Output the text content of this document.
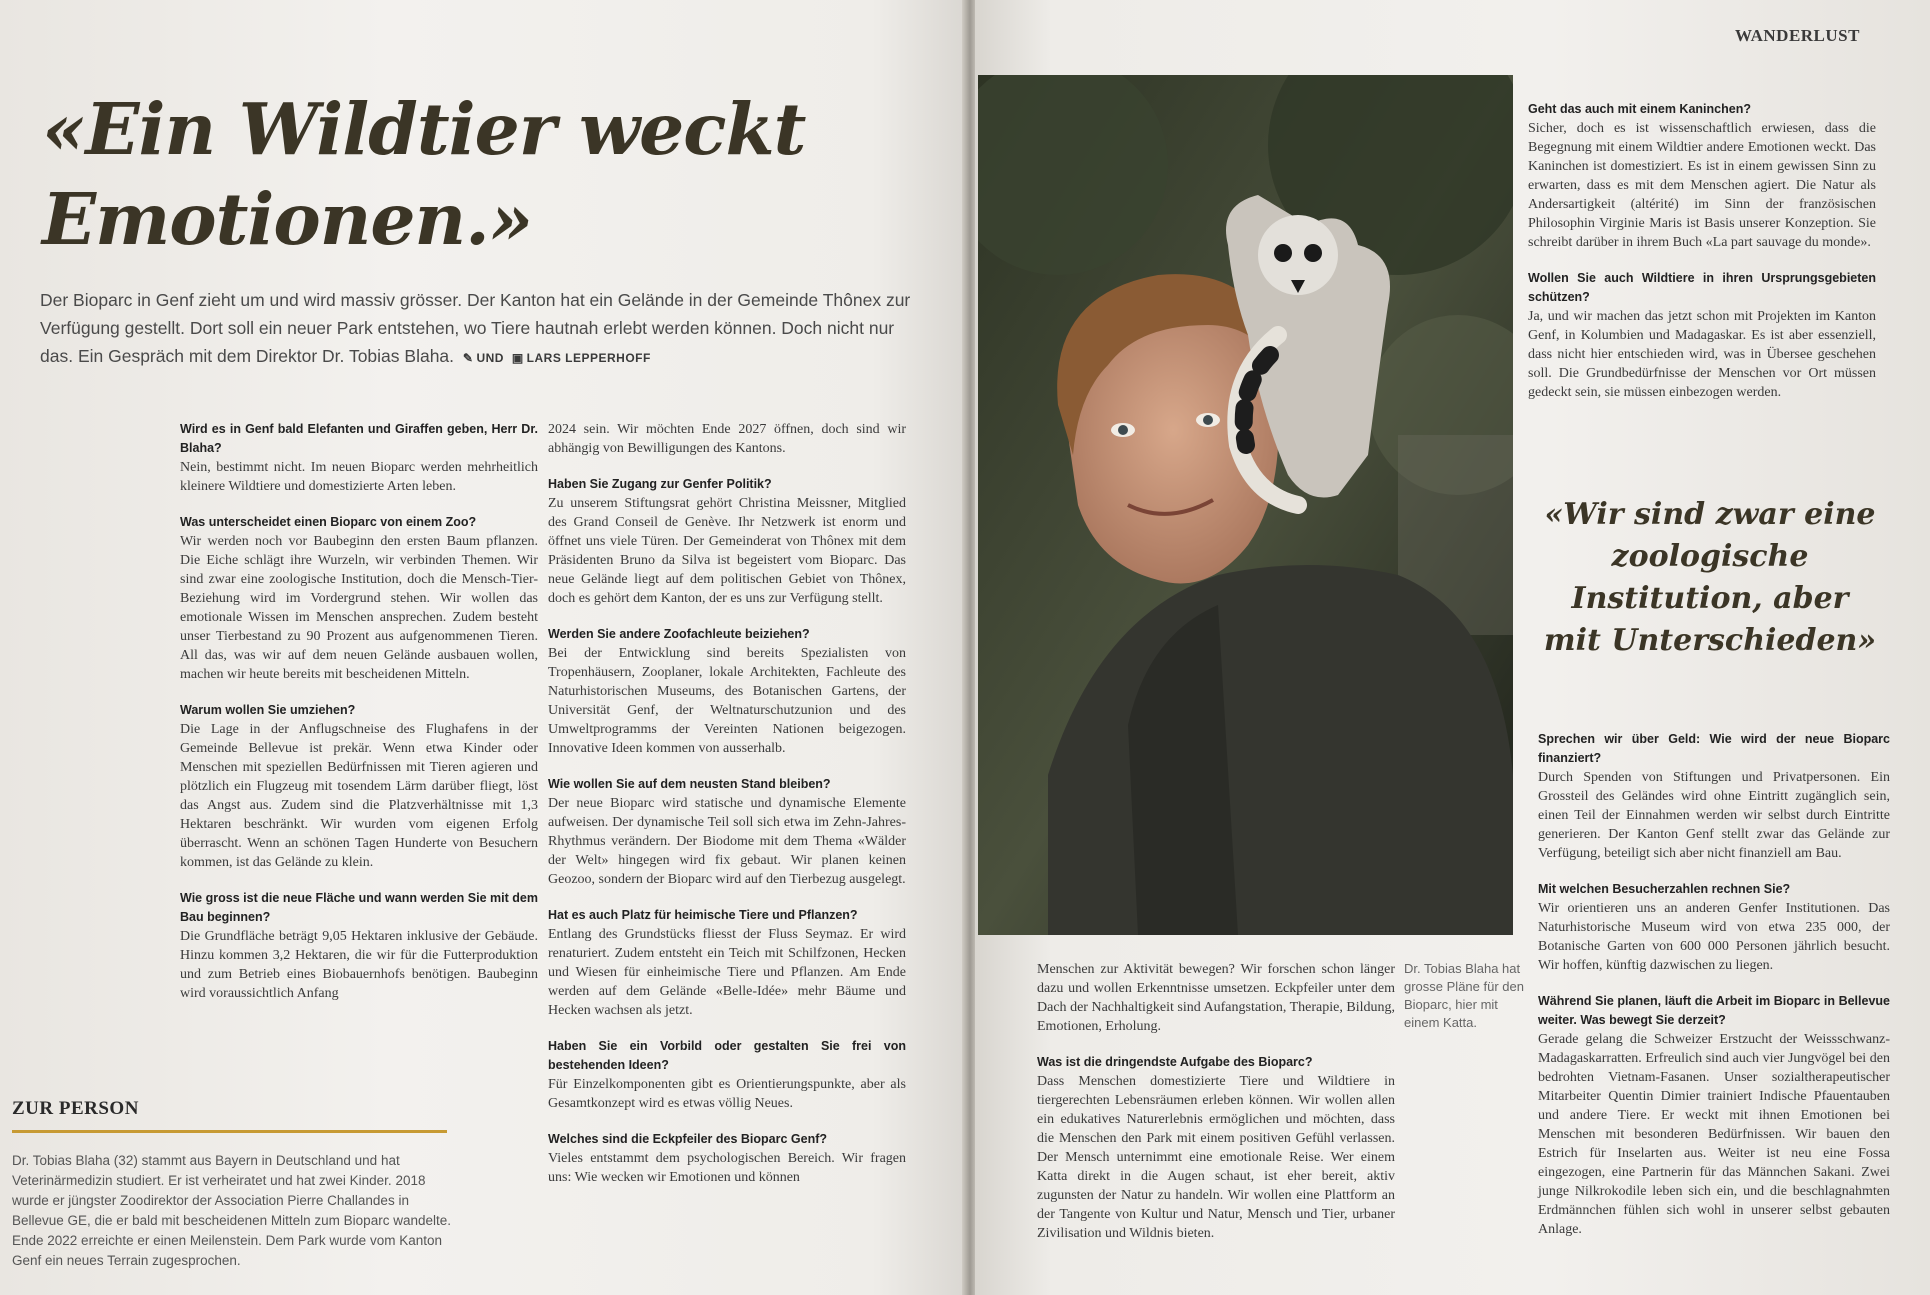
«Ein Wildtier weckt Emotionen.»

Der Bioparc in Genf zieht um und wird massiv grösser. Der Kanton hat ein Gelände in der Gemeinde Thônex zur Verfügung gestellt. Dort soll ein neuer Park entstehen, wo Tiere hautnah erlebt werden können. Doch nicht nur das. Ein Gespräch mit dem Direktor Dr. Tobias Blaha. ✎ UND ▣ LARS LEPPERHOFF

Wird es in Genf bald Elefanten und Giraffen geben, Herr Dr. Blaha?
Nein, bestimmt nicht. Im neuen Bioparc werden mehrheitlich kleinere Wildtiere und domestizierte Arten leben.
Was unterscheidet einen Bioparc von einem Zoo?
Wir werden noch vor Baubeginn den ersten Baum pflanzen. Die Eiche schlägt ihre Wurzeln, wir verbinden Themen. Wir sind zwar eine zoologische Institution, doch die Mensch-Tier-Beziehung wird im Vordergrund stehen. Wir wollen das emotionale Wissen im Menschen ansprechen. Zudem besteht unser Tierbestand zu 90 Prozent aus aufgenommenen Tieren. All das, was wir auf dem neuen Gelände ausbauen wollen, machen wir heute bereits mit bescheidenen Mitteln.
Warum wollen Sie umziehen?
Die Lage in der Anflugschneise des Flughafens in der Gemeinde Bellevue ist prekär. Wenn etwa Kinder oder Menschen mit speziellen Bedürfnissen mit Tieren agieren und plötzlich ein Flugzeug mit tosendem Lärm darüber fliegt, löst das Angst aus. Zudem sind die Platzverhältnisse mit 1,3 Hektaren beschränkt. Wir wurden vom eigenen Erfolg überrascht. Wenn an schönen Tagen Hunderte von Besuchern kommen, ist das Gelände zu klein.
Wie gross ist die neue Fläche und wann werden Sie mit dem Bau beginnen?
Die Grundfläche beträgt 9,05 Hektaren inklusive der Gebäude. Hinzu kommen 3,2 Hektaren, die wir für die Futterproduktion und zum Betrieb eines Biobauernhofs benötigen. Baubeginn wird voraussichtlich Anfang
2024 sein. Wir möchten Ende 2027 öffnen, doch sind wir abhängig von Bewilligungen des Kantons.
Haben Sie Zugang zur Genfer Politik?
Zu unserem Stiftungsrat gehört Christina Meissner, Mitglied des Grand Conseil de Genève. Ihr Netzwerk ist enorm und öffnet uns viele Türen. Der Gemeinderat von Thônex mit dem Präsidenten Bruno da Silva ist begeistert vom Bioparc. Das neue Gelände liegt auf dem politischen Gebiet von Thônex, doch es gehört dem Kanton, der es uns zur Verfügung stellt.
Werden Sie andere Zoofachleute beiziehen?
Bei der Entwicklung sind bereits Spezialisten von Tropenhäusern, Zooplaner, lokale Architekten, Fachleute des Naturhistorischen Museums, des Botanischen Gartens, der Universität Genf, der Weltnaturschutzunion und des Umweltprogramms der Vereinten Nationen beigezogen. Innovative Ideen kommen von ausserhalb.
Wie wollen Sie auf dem neusten Stand bleiben?
Der neue Bioparc wird statische und dynamische Elemente aufweisen. Der dynamische Teil soll sich etwa im Zehn-Jahres-Rhythmus verändern. Der Biodome mit dem Thema «Wälder der Welt» hingegen wird fix gebaut. Wir planen keinen Geozoo, sondern der Bioparc wird auf den Tierbezug ausgelegt.
Hat es auch Platz für heimische Tiere und Pflanzen?
Entlang des Grundstücks fliesst der Fluss Seymaz. Er wird renaturiert. Zudem entsteht ein Teich mit Schilfzonen, Hecken und Wiesen für einheimische Tiere und Pflanzen. Am Ende werden auf dem Gelände «Belle-Idée» mehr Bäume und Hecken wachsen als jetzt.
Haben Sie ein Vorbild oder gestalten Sie frei von bestehenden Ideen?
Für Einzelkomponenten gibt es Orientierungspunkte, aber als Gesamtkonzept wird es etwas völlig Neues.
Welches sind die Eckpfeiler des Bioparc Genf?
Vieles entstammt dem psychologischen Bereich. Wir fragen uns: Wie wecken wir Emotionen und können
ZUR PERSON
Dr. Tobias Blaha (32) stammt aus Bayern in Deutschland und hat Veterinärmedizin studiert. Er ist verheiratet und hat zwei Kinder. 2018 wurde er jüngster Zoodirektor der Association Pierre Challandes in Bellevue GE, die er bald mit bescheidenen Mitteln zum Bioparc wandelte. Ende 2022 erreichte er einen Meilenstein. Dem Park wurde vom Kanton Genf ein neues Terrain zugesprochen.
WANDERLUST
Menschen zur Aktivität bewegen? Wir forschen schon länger dazu und wollen Erkenntnisse umsetzen. Eckpfeiler unter dem Dach der Nachhaltigkeit sind Aufangstation, Therapie, Bildung, Emotionen, Erholung.
Was ist die dringendste Aufgabe des Bioparc?
Dass Menschen domestizierte Tiere und Wildtiere in tiergerechten Lebensräumen erleben können. Wir wollen allen ein edukatives Naturerlebnis ermöglichen und möchten, dass die Menschen den Park mit einem positiven Gefühl verlassen. Der Mensch unternimmt eine emotionale Reise. Wer einem Katta direkt in die Augen schaut, ist eher bereit, aktiv zugunsten der Natur zu handeln. Wir wollen eine Plattform an der Tangente von Kultur und Natur, Mensch und Tier, urbaner Zivilisation und Wildnis bieten.
Dr. Tobias Blaha hat grosse Pläne für den Bioparc, hier mit einem Katta.
Geht das auch mit einem Kaninchen?
Sicher, doch es ist wissenschaftlich erwiesen, dass die Begegnung mit einem Wildtier andere Emotionen weckt. Das Kaninchen ist domestiziert. Es ist in einem gewissen Sinn zu erwarten, dass es mit dem Menschen agiert. Die Natur als Andersartigkeit (altérité) im Sinn der französischen Philosophin Virginie Maris ist Basis unserer Konzeption. Sie schreibt darüber in ihrem Buch «La part sauvage du monde».
Wollen Sie auch Wildtiere in ihren Ursprungsgebieten schützen?
Ja, und wir machen das jetzt schon mit Projekten im Kanton Genf, in Kolumbien und Madagaskar. Es ist aber essenziell, dass nicht hier entschieden wird, was in Übersee geschehen soll. Die Grundbedürfnisse der Menschen vor Ort müssen gedeckt sein, sie müssen einbezogen werden.
«Wir sind zwar eine zoologische Institution, aber mit Unterschieden»
Sprechen wir über Geld: Wie wird der neue Bioparc finanziert?
Durch Spenden von Stiftungen und Privatpersonen. Ein Grossteil des Geländes wird ohne Eintritt zugänglich sein, einen Teil der Einnahmen werden wir selbst durch Eintritte generieren. Der Kanton Genf stellt zwar das Gelände zur Verfügung, beteiligt sich aber nicht finanziell am Bau.
Mit welchen Besucherzahlen rechnen Sie?
Wir orientieren uns an anderen Genfer Institutionen. Das Naturhistorische Museum wird von etwa 235 000, der Botanische Garten von 600 000 Personen jährlich besucht. Wir hoffen, künftig dazwischen zu liegen.
Während Sie planen, läuft die Arbeit im Bioparc in Bellevue weiter. Was bewegt Sie derzeit?
Gerade gelang die Schweizer Erstzucht der Weissschwanz-Madagaskarratten. Erfreulich sind auch vier Jungvögel bei den bedrohten Vietnam-Fasanen. Unser sozialtherapeutischer Mitarbeiter Quentin Dimier trainiert Indische Pfauentauben und andere Tiere. Er weckt mit ihnen Emotionen bei Menschen mit besonderen Bedürfnissen. Wir bauen den Estrich für Inselarten aus. Weiter ist neu eine Fossa eingezogen, eine Partnerin für das Männchen Sakani. Zwei junge Nilkrokodile leben sich ein, und die beschlagnahmten Erdmännchen fühlen sich wohl in unserer selbst gebauten Anlage.
